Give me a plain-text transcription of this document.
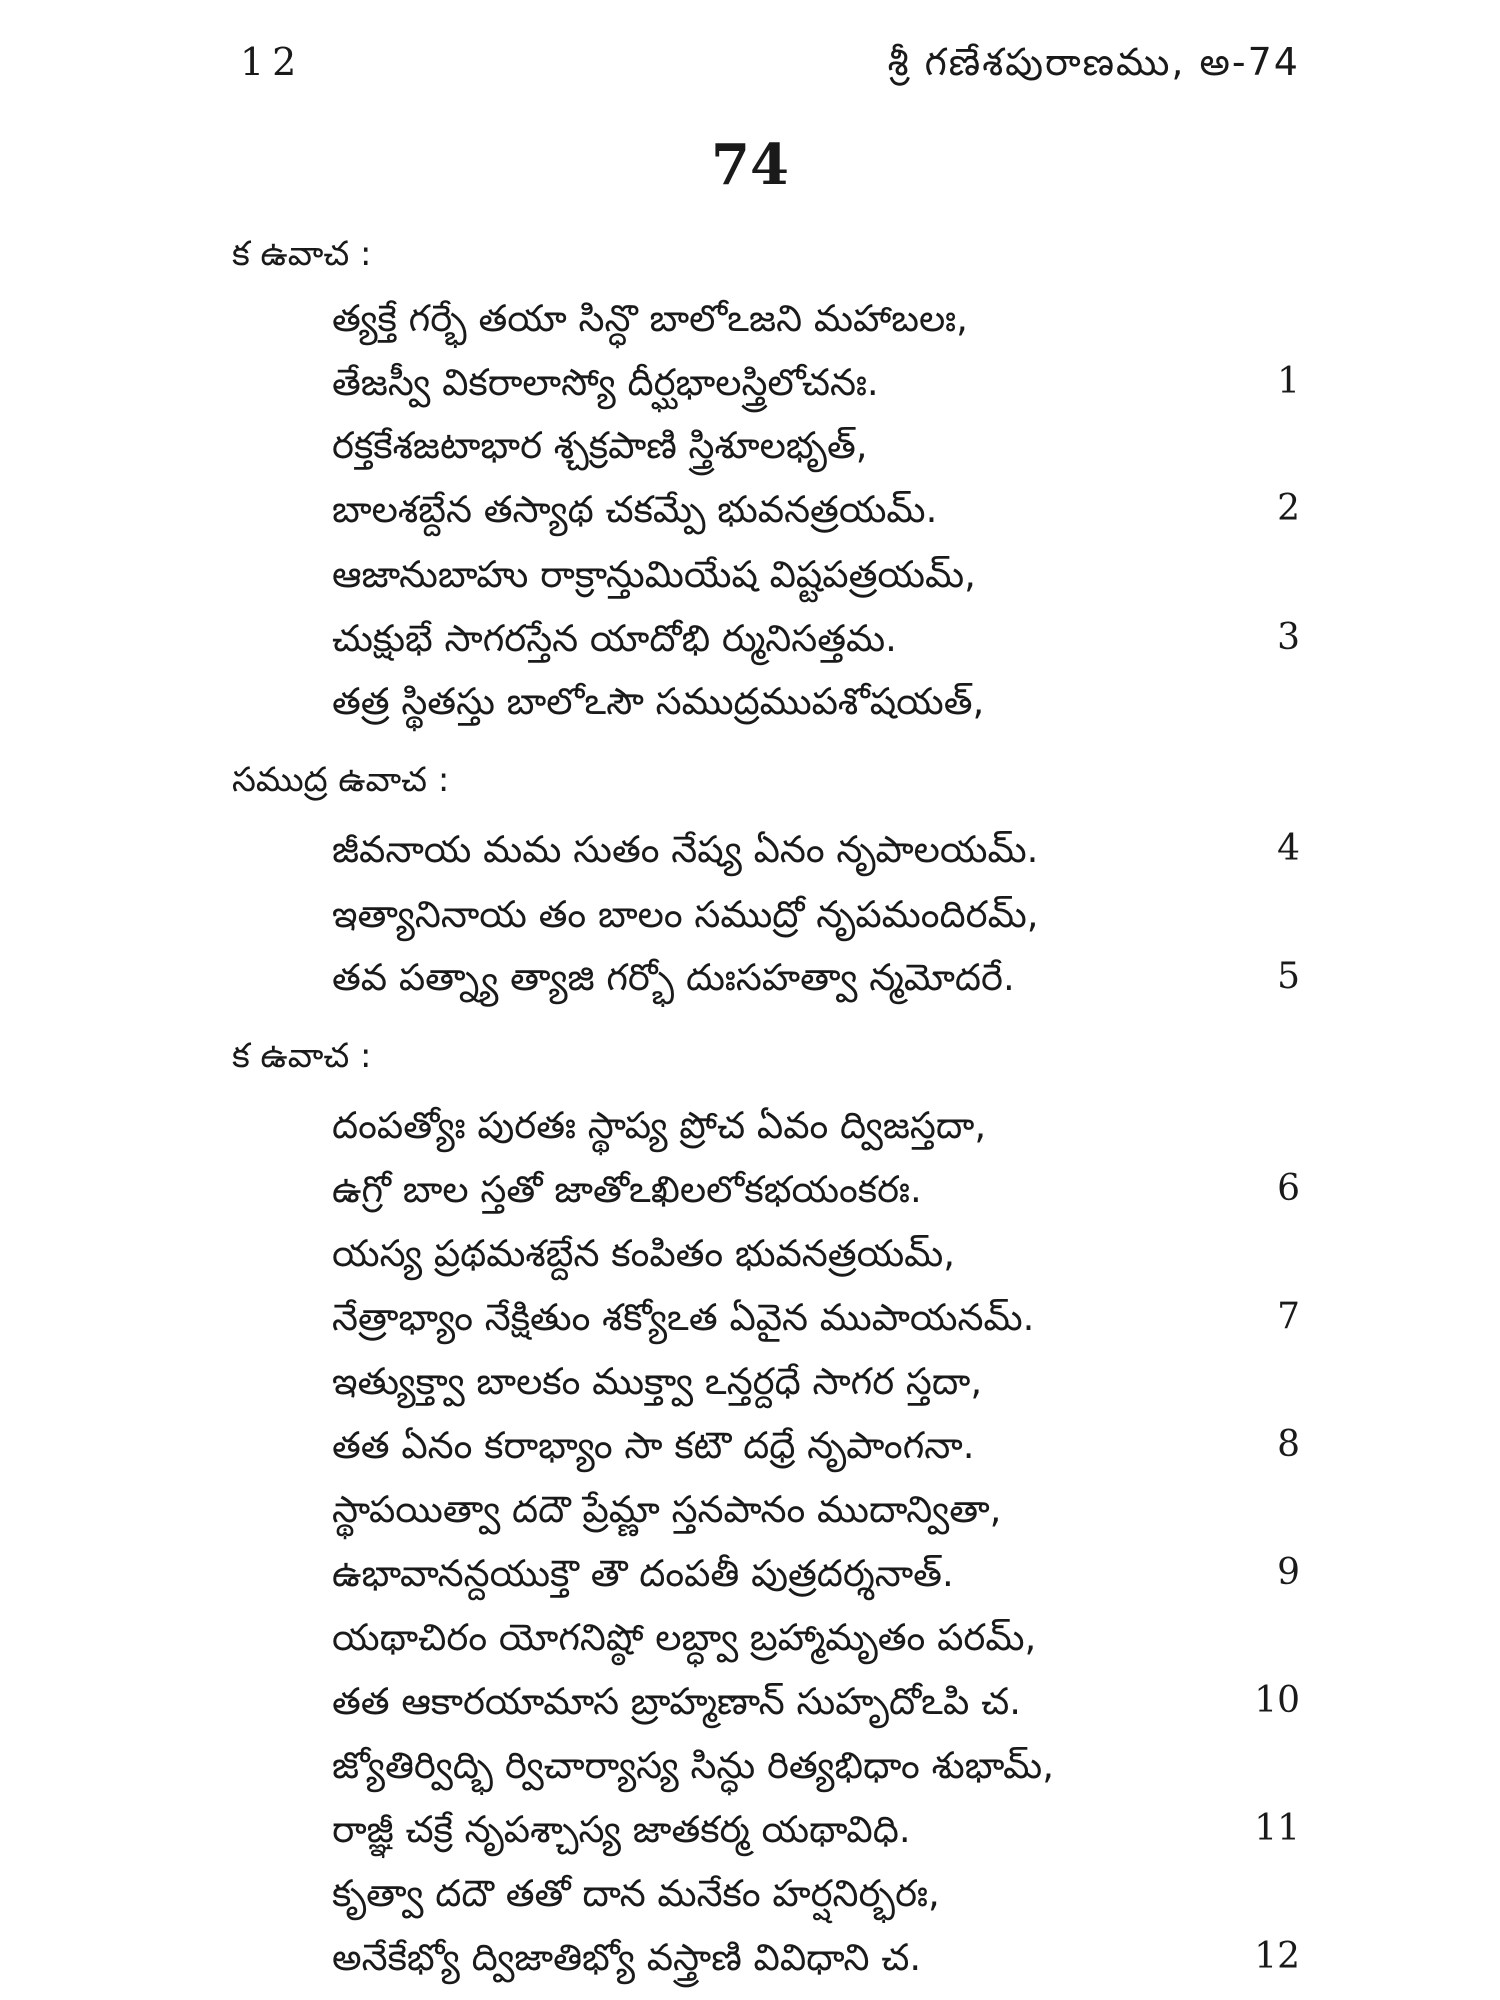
12	శ్రీ గణేశపురాణము, అ-74
74
క ఉవాచ :
త్యక్తే గర్భే తయా సిన్ధొ బాలోఽజని మహాబలః,
తేజస్వీ వికరాలాస్యో దీర్ఘభాలస్త్రిలోచనః.	1
రక్తకేశజటాభార శ్చక్రపాణి స్త్రిశూలభృత్,
బాలశబ్దేన తస్యాథ చకమ్పే భువనత్రయమ్.	2
ఆజానుబాహు రాక్రాన్తుమియేష విష్టపత్రయమ్,
చుక్షుభే సాగరస్తేన యాదోభి ర్మునిసత్తమ.	3
తత్ర స్థితస్తు బాలోఽసౌ సముద్రముపశోషయత్,
సముద్ర ఉవాచ :
జీవనాయ మమ సుతం నేష్య ఏనం నృపాలయమ్.	4
ఇత్యానినాయ తం బాలం సముద్రో నృపమందిరమ్,
తవ పత్న్యా త్యాజి గర్భో దుఃసహత్వా న్మమోదరే.	5
క ఉవాచ :
దంపత్యోః పురతః స్థాప్య ప్రోచ ఏవం ద్విజస్తదా,
ఉగ్రో బాల స్తతో జాతోఽఖిలలోకభయంకరః.	6
యస్య ప్రథమశబ్దేన కంపితం భువనత్రయమ్,
నేత్రాభ్యాం నేక్షితుం శక్యోఽత ఏవైన ముపాయనమ్.	7
ఇత్యుక్త్వా బాలకం ముక్త్వా ఽన్తర్దధే సాగర స్తదా,
తత ఏనం కరాభ్యాం సా కటౌ దధ్రే నృపాంగనా.	8
స్థాపయిత్వా దదౌ ప్రేమ్ణా స్తనపానం ముదాన్వితా,
ఉభావానన్దయుక్తౌ తౌ దంపతీ పుత్రదర్శనాత్.	9
యథాచిరం యోగనిష్ఠో లబ్ధ్వా బ్రహ్మామృతం పరమ్,
తత ఆకారయామాస బ్రాహ్మణాన్ సుహృదోఽపి చ.	10
జ్యోతిర్విద్భి ర్విచార్యాస్య సిన్ధు రిత్యభిధాం శుభామ్,
రాజ్ఞీ చక్రే నృపశ్చాస్య జాతకర్మ యథావిధి.	11
కృత్వా దదౌ తతో దాన మనేకం హర్షనిర్భరః,
అనేకేభ్యో ద్విజాతిభ్యో వస్త్రాణి వివిధాని చ.	12
